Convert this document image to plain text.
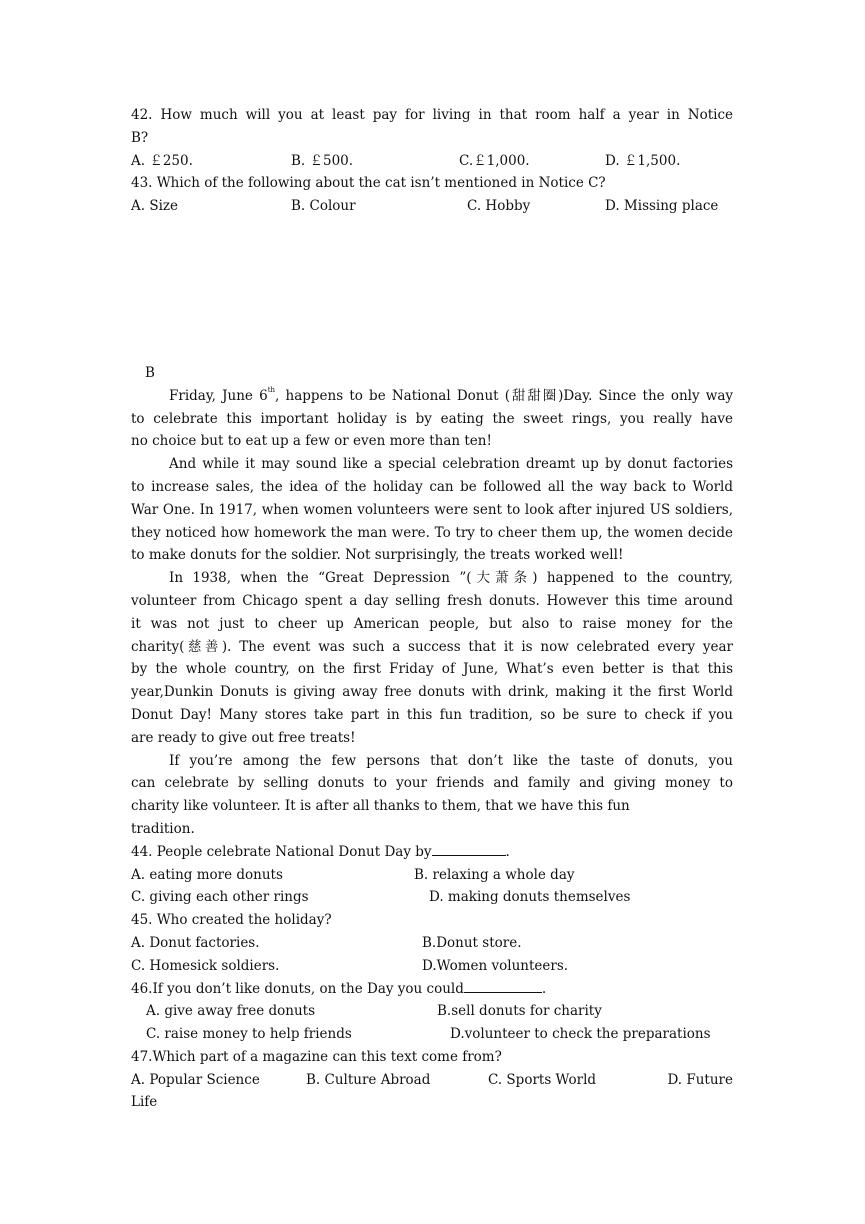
42. How much will you at least pay for living in that room half a year in Notice
B?
A. ￡250.	B. ￡500.	C.￡1,000.	D. ￡1,500.
43. Which of the following about the cat isn’t mentioned in Notice C?
A. Size	B. Colour	C. Hobby	D. Missing place
B
Friday, June 6th, happens to be National Donut (甜甜圈)Day. Since the only way
to celebrate this important holiday is by eating the sweet rings, you really have
no choice but to eat up a few or even more than ten!
And while it may sound like a special celebration dreamt up by donut factories
to increase sales, the idea of the holiday can be followed all the way back to World
War One. In 1917, when women volunteers were sent to look after injured US soldiers,
they noticed how homework the man were. To try to cheer them up, the women decide
to make donuts for the soldier. Not surprisingly, the treats worked well!
In 1938, when the “Great Depression ”(大萧条) happened to the country,
volunteer from Chicago spent a day selling fresh donuts. However this time around
it was not just to cheer up American people, but also to raise money for the
charity(慈善). The event was such a success that it is now celebrated every year
by the whole country, on the first Friday of June, What’s even better is that this
year,Dunkin Donuts is giving away free donuts with drink, making it the first World
Donut Day! Many stores take part in this fun tradition, so be sure to check if you
are ready to give out free treats!
If you’re among the few persons that don’t like the taste of donuts, you
can celebrate by selling donuts to your friends and family and giving money to
charity like volunteer. It is after all thanks to them, that we have this fun
tradition.
44. People celebrate National Donut Day by	.
A. eating more donuts	B. relaxing a whole day
C. giving each other rings	D. making donuts themselves
45. Who created the holiday?
A. Donut factories.	B.Donut store.
C. Homesick soldiers.	D.Women volunteers.
46.If you don’t like donuts, on the Day you could	.
A. give away free donuts	B.sell donuts for charity
C. raise money to help friends	D.volunteer to check the preparations
47.Which part of a magazine can this text come from?
A. Popular Science	B. Culture Abroad	C. Sports World	D. Future
Life
